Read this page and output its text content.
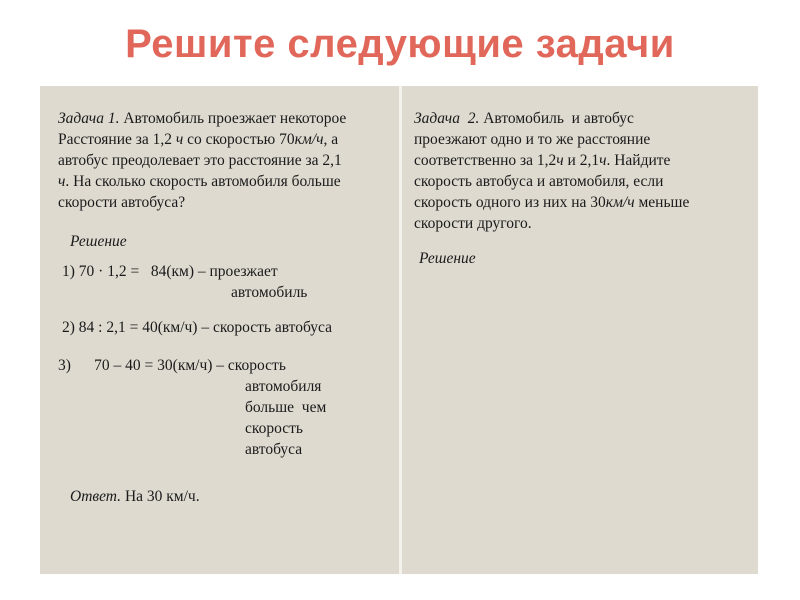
Решите следующие задачи
Задача 1. Автомобиль проезжает некоторое
Расстояние за 1,2 ч со скоростью 70км/ч, а
автобус преодолевает это расстояние за 2,1
ч. На сколько скорость автомобиля больше
скорости автобуса?
Решение
1) 70 · 1,2 =   84(км) – проезжает
автомобиль
2) 84 : 2,1 = 40(км/ч) – скорость автобуса
3)      70 – 40 = 30(км/ч) – скорость
автомобиля
больше  чем
скорость
автобуса
Ответ. На 30 км/ч.
Задача  2. Автомобиль  и автобус
проезжают одно и то же расстояние
соответственно за 1,2ч и 2,1ч. Найдите
скорость автобуса и автомобиля, если
скорость одного из них на 30км/ч меньше
скорости другого.
Решение
